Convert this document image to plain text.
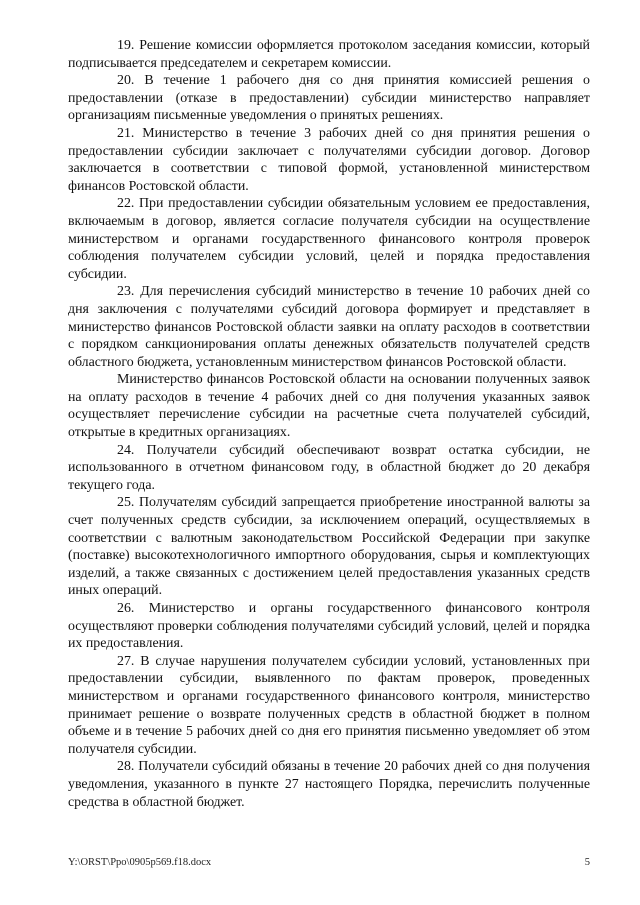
19. Решение комиссии оформляется протоколом заседания комиссии, который подписывается председателем и секретарем комиссии.

20. В течение 1 рабочего дня со дня принятия комиссией решения о предоставлении (отказе в предоставлении) субсидии министерство направляет организациям письменные уведомления о принятых решениях.

21. Министерство в течение 3 рабочих дней со дня принятия решения о предоставлении субсидии заключает с получателями субсидии договор. Договор заключается в соответствии с типовой формой, установленной министерством финансов Ростовской области.

22. При предоставлении субсидии обязательным условием ее предоставления, включаемым в договор, является согласие получателя субсидии на осуществление министерством и органами государственного финансового контроля проверок соблюдения получателем субсидии условий, целей и порядка предоставления субсидии.

23. Для перечисления субсидий министерство в течение 10 рабочих дней со дня заключения с получателями субсидий договора формирует и представляет в министерство финансов Ростовской области заявки на оплату расходов в соответствии с порядком санкционирования оплаты денежных обязательств получателей средств областного бюджета, установленным министерством финансов Ростовской области.

Министерство финансов Ростовской области на основании полученных заявок на оплату расходов в течение 4 рабочих дней со дня получения указанных заявок осуществляет перечисление субсидии на расчетные счета получателей субсидий, открытые в кредитных организациях.

24. Получатели субсидий обеспечивают возврат остатка субсидии, не использованного в отчетном финансовом году, в областной бюджет до 20 декабря текущего года.

25. Получателям субсидий запрещается приобретение иностранной валюты за счет полученных средств субсидии, за исключением операций, осуществляемых в соответствии с валютным законодательством Российской Федерации при закупке (поставке) высокотехнологичного импортного оборудования, сырья и комплектующих изделий, а также связанных с достижением целей предоставления указанных средств иных операций.

26. Министерство и органы государственного финансового контроля осуществляют проверки соблюдения получателями субсидий условий, целей и порядка их предоставления.

27. В случае нарушения получателем субсидии условий, установленных при предоставлении субсидии, выявленного по фактам проверок, проведенных министерством и органами государственного финансового контроля, министерство принимает решение о возврате полученных средств в областной бюджет в полном объеме и в течение 5 рабочих дней со дня его принятия письменно уведомляет об этом получателя субсидии.

28. Получатели субсидий обязаны в течение 20 рабочих дней со дня получения уведомления, указанного в пункте 27 настоящего Порядка, перечислить полученные средства в областной бюджет.

Y:\ORST\Ppo\0905p569.f18.docx	5
